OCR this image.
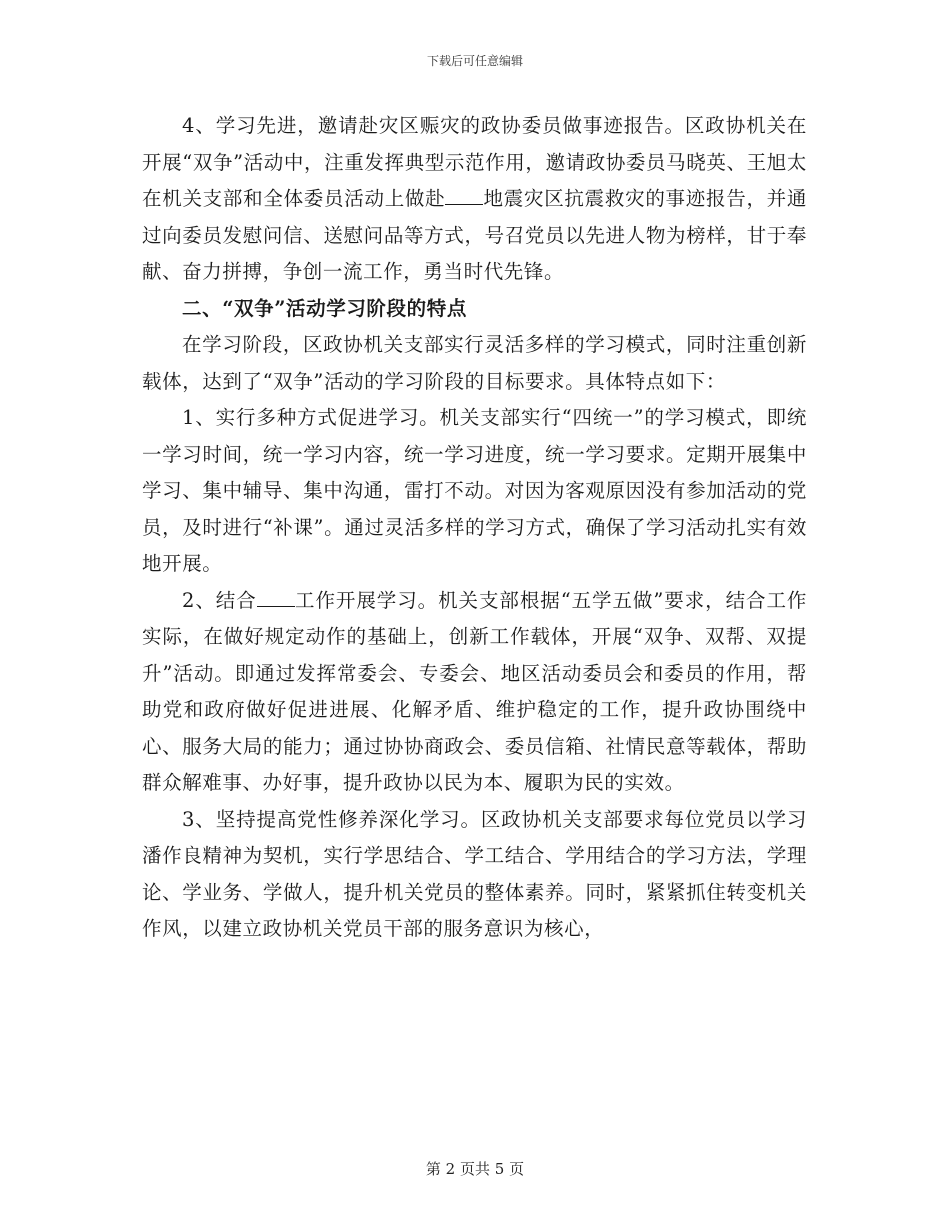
下载后可任意编辑

4、学习先进，邀请赴灾区赈灾的政协委员做事迹报告。区政协机关在开展“双争”活动中，注重发挥典型示范作用，邀请政协委员马晓英、王旭太在机关支部和全体委员活动上做赴 地震灾区抗震救灾的事迹报告，并通过向委员发慰问信、送慰问品等方式，号召党员以先进人物为榜样，甘于奉献、奋力拼搏，争创一流工作，勇当时代先锋。

二、“双争”活动学习阶段的特点

在学习阶段，区政协机关支部实行灵活多样的学习模式，同时注重创新载体，达到了“双争”活动的学习阶段的目标要求。具体特点如下：

1、实行多种方式促进学习。机关支部实行“四统一”的学习模式，即统一学习时间，统一学习内容，统一学习进度，统一学习要求。定期开展集中学习、集中辅导、集中沟通，雷打不动。对因为客观原因没有参加活动的党员，及时进行“补课”。通过灵活多样的学习方式，确保了学习活动扎实有效地开展。

2、结合 工作开展学习。机关支部根据“五学五做”要求，结合工作实际，在做好规定动作的基础上，创新工作载体，开展“双争、双帮、双提升”活动。即通过发挥常委会、专委会、地区活动委员会和委员的作用，帮助党和政府做好促进进展、化解矛盾、维护稳定的工作，提升政协围绕中心、服务大局的能力；通过协协商政会、委员信箱、社情民意等载体，帮助群众解难事、办好事，提升政协以民为本、履职为民的实效。

3、坚持提高党性修养深化学习。区政协机关支部要求每位党员以学习潘作良精神为契机，实行学思结合、学工结合、学用结合的学习方法，学理论、学业务、学做人，提升机关党员的整体素养。同时，紧紧抓住转变机关作风，以建立政协机关党员干部的服务意识为核心，

第 2 页共 5 页
